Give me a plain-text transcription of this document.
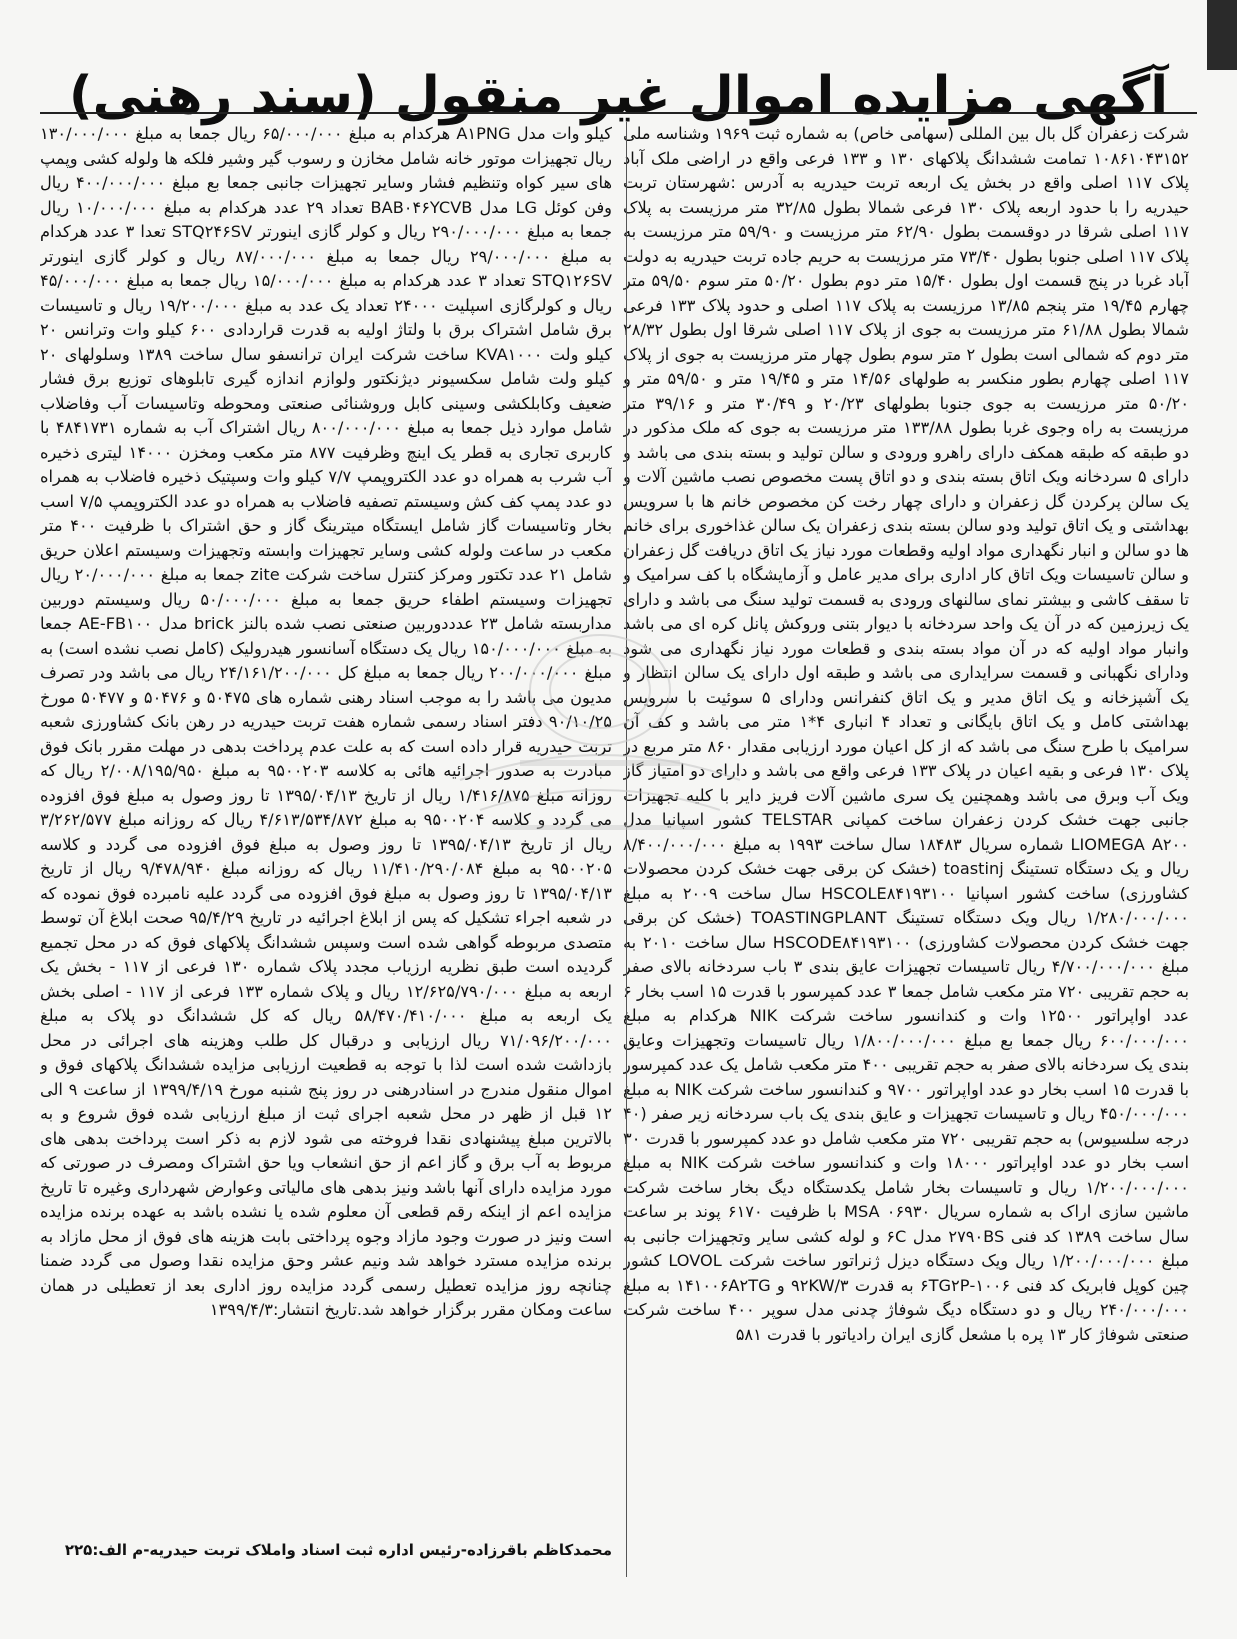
آگهی مزایده اموال غیر منقول (سند رهنی)

شرکت زعفران گل بال بین المللی (سهامی خاص) به شماره ثبت ۱۹۶۹ وشناسه ملی ۱۰۸۶۱۰۴۳۱۵۲ تمامت ششدانگ پلاکهای ۱۳۰ و ۱۳۳ فرعی واقع در اراضی ملک آباد پلاک ۱۱۷ اصلی واقع در بخش یک اربعه تربت حیدریه به آدرس :شهرستان تربت حیدریه را با حدود اربعه پلاک ۱۳۰ فرعی شمالا بطول ۳۲/۸۵ متر مرزیست به پلاک ۱۱۷ اصلی شرقا در دوقسمت بطول ۶۲/۹۰ متر مرزیست و ۵۹/۹۰ متر مرزیست به پلاک ۱۱۷ اصلی جنوبا بطول ۷۳/۴۰ متر مرزیست به حریم جاده تربت حیدریه به دولت آباد غربا در پنج قسمت اول بطول ۱۵/۴۰ متر دوم بطول ۵۰/۲۰ متر سوم ۵۹/۵۰ متر چهارم ۱۹/۴۵ متر پنجم ۱۳/۸۵ مرزیست به پلاک ۱۱۷ اصلی و حدود پلاک ۱۳۳ فرعی شمالا بطول ۶۱/۸۸ متر مرزیست به جوی از پلاک ۱۱۷ اصلی شرقا اول بطول ۲۸/۳۲ متر دوم که شمالی است بطول ۲ متر سوم بطول چهار متر مرزیست به جوی از پلاک ۱۱۷ اصلی چهارم بطور منکسر به طولهای ۱۴/۵۶ متر و ۱۹/۴۵ متر و ۵۹/۵۰ متر و ۵۰/۲۰ متر مرزیست به جوی جنوبا بطولهای ۲۰/۲۳ و ۳۰/۴۹ متر و ۳۹/۱۶ متر مرزیست به راه وجوی غربا بطول ۱۳۳/۸۸ متر مرزیست به جوی که ملک مذکور در دو طبقه که طبقه همکف دارای راهرو ورودی و سالن تولید و بسته بندی می باشد و دارای ۵ سردخانه ویک اتاق بسته بندی و دو اتاق پست مخصوص نصب ماشین آلات و یک سالن پرکردن گل زعفران و دارای چهار رخت کن مخصوص خانم ها با سرویس بهداشتی و یک اتاق تولید ودو سالن بسته بندی زعفران یک سالن غذاخوری برای خانم ها دو سالن و انبار نگهداری مواد اولیه وقطعات مورد نیاز یک اتاق دریافت گل زعفران و سالن تاسیسات ویک اتاق کار اداری برای مدیر عامل و آزمایشگاه با کف سرامیک و تا سقف کاشی و بیشتر نمای سالنهای ورودی به قسمت تولید سنگ می باشد و دارای یک زیرزمین که در آن یک واحد سردخانه با دیوار بتنی وروکش پانل کره ای می باشد وانبار مواد اولیه که در آن مواد بسته بندی و قطعات مورد نیاز نگهداری می شود ودارای نگهبانی و قسمت سرایداری می باشد و طبقه اول دارای یک سالن انتظار و یک آشپزخانه و یک اتاق مدیر و یک اتاق کنفرانس ودارای ۵ سوئیت با سرویس بهداشتی کامل و یک اتاق بایگانی و تعداد ۴ انباری ۴*۱ متر می باشد و کف آن سرامیک با طرح سنگ می باشد که از کل اعیان مورد ارزیابی مقدار ۸۶۰ متر مربع در پلاک ۱۳۰ فرعی و بقیه اعیان در پلاک ۱۳۳ فرعی واقع می باشد و دارای دو امتیاز گاز ویک آب وبرق می باشد وهمچنین یک سری ماشین آلات فریز دایر با کلیه تجهیزات جانبی جهت خشک کردن زعفران ساخت کمپانی TELSTAR کشور اسپانیا مدل LIOMEGA A۲۰۰ شماره سریال ۱۸۴۸۳ سال ساخت ۱۹۹۳ به مبلغ ۸/۴۰۰/۰۰۰/۰۰۰ ریال و یک دستگاه تستینگ toastinj (خشک کن برقی جهت خشک کردن محصولات کشاورزی) ساخت کشور اسپانیا HSCOLE۸۴۱۹۳۱۰۰ سال ساخت ۲۰۰۹ به مبلغ ۱/۲۸۰/۰۰۰/۰۰۰ ریال ویک دستگاه تستینگ TOASTINGPLANT (خشک کن برقی جهت خشک کردن محصولات کشاورزی) HSCODE۸۴۱۹۳۱۰۰ سال ساخت ۲۰۱۰ به مبلغ ۴/۷۰۰/۰۰۰/۰۰۰ ریال تاسیسات تجهیزات عایق بندی ۳ باب سردخانه بالای صفر به حجم تقریبی ۷۲۰ متر مکعب شامل جمعا ۳ عدد کمپرسور با قدرت ۱۵ اسب بخار ۶ عدد اواپراتور ۱۲۵۰۰ وات و کندانسور ساخت شرکت NIK هرکدام به مبلغ ۶۰۰/۰۰۰/۰۰۰ ریال جمعا بع مبلغ ۱/۸۰۰/۰۰۰/۰۰۰ ریال تاسیسات وتجهیزات وعایق بندی یک سردخانه بالای صفر به حجم تقریبی ۴۰۰ متر مکعب شامل یک عدد کمپرسور با قدرت ۱۵ اسب بخار دو عدد اواپراتور ۹۷۰۰ و کندانسور ساخت شرکت NIK به مبلغ ۴۵۰/۰۰۰/۰۰۰ ریال و تاسیسات تجهیزات و عایق بندی یک باب سردخانه زیر صفر (۴۰ درجه سلسیوس) به حجم تقریبی ۷۲۰ متر مکعب شامل دو عدد کمپرسور با قدرت ۳۰ اسب بخار دو عدد اواپراتور ۱۸۰۰۰ وات و کندانسور ساخت شرکت NIK به مبلغ ۱/۲۰۰/۰۰۰/۰۰۰ ریال و تاسیسات بخار شامل یکدستگاه دیگ بخار ساخت شرکت ماشین سازی اراک به شماره سریال MSA ۰۶۹۳۰ با ظرفیت ۶۱۷۰ پوند بر ساعت سال ساخت ۱۳۸۹ کد فنی ۲۷۹۰BS مدل ۶C و لوله کشی سایر وتجهیزات جانبی به مبلغ ۱/۲۰۰/۰۰۰/۰۰۰ ریال ویک دستگاه دیزل ژنراتور ساخت شرکت LOVOL کشور چین کوپل فابریک کد فنی ۱۰۰۶-۶TG۲P به قدرت ۹۲KW/۳ و ۱۴۱۰۰۶A۲TG به مبلغ ۲۴۰/۰۰۰/۰۰۰ ریال و دو دستگاه دیگ شوفاژ چدنی مدل سوپر ۴۰۰ ساخت شرکت صنعتی شوفاژ کار ۱۳ پره با مشعل گازی ایران رادیاتور با قدرت ۵۸۱

کیلو وات مدل A۱PNG هرکدام به مبلغ ۶۵/۰۰۰/۰۰۰ ریال جمعا به مبلغ ۱۳۰/۰۰۰/۰۰۰ ریال تجهیزات موتور خانه شامل مخازن و رسوب گیر وشیر فلکه ها ولوله کشی وپمپ های سیر کواه وتنظیم فشار وسایر تجهیزات جانبی جمعا بع مبلغ ۴۰۰/۰۰۰/۰۰۰ ریال وفن کوئل LG مدل BAB۰۴۶YCVB تعداد ۲۹ عدد هرکدام به مبلغ ۱۰/۰۰۰/۰۰۰ ریال جمعا به مبلغ ۲۹۰/۰۰۰/۰۰۰ ریال و کولر گازی اینورتر STQ۲۴۶SV تعدا ۳ عدد هرکدام به مبلغ ۲۹/۰۰۰/۰۰۰ ریال جمعا به مبلغ ۸۷/۰۰۰/۰۰۰ ریال و کولر گازی اینورتر STQ۱۲۶SV تعداد ۳ عدد هرکدام به مبلغ ۱۵/۰۰۰/۰۰۰ ریال جمعا به مبلغ ۴۵/۰۰۰/۰۰۰ ریال و کولرگازی اسپلیت ۲۴۰۰۰ تعداد یک عدد به مبلغ ۱۹/۲۰۰/۰۰۰ ریال و تاسیسات برق شامل اشتراک برق با ولتاژ اولیه به قدرت قراردادی ۶۰۰ کیلو وات وترانس ۲۰ کیلو ولت KVA۱۰۰۰ ساخت شرکت ایران ترانسفو سال ساخت ۱۳۸۹ وسلولهای ۲۰ کیلو ولت شامل سکسیونر دیژنکتور ولوازم اندازه گیری تابلوهای توزیع برق فشار ضعیف وکابلکشی وسینی کابل وروشنائی صنعتی ومحوطه وتاسیسات آب وفاضلاب شامل موارد ذیل جمعا به مبلغ ۸۰۰/۰۰۰/۰۰۰ ریال اشتراک آب به شماره ۴۸۴۱۷۳۱ با کاربری تجاری به قطر یک اینچ وظرفیت ۸۷۷ متر مکعب ومخزن ۱۴۰۰۰ لیتری ذخیره آب شرب به همراه دو عدد الکتروپمپ ۷/۷ کیلو وات وسپتیک ذخیره فاضلاب به همراه دو عدد پمپ کف کش وسیستم تصفیه فاضلاب به همراه دو عدد الکتروپمپ ۷/۵ اسب بخار وتاسیسات گاز شامل ایستگاه میترینگ گاز و حق اشتراک با ظرفیت ۴۰۰ متر مکعب در ساعت ولوله کشی وسایر تجهیزات وابسته وتجهیزات وسیستم اعلان حریق شامل ۲۱ عدد تکتور ومرکز کنترل ساخت شرکت zite جمعا به مبلغ ۲۰/۰۰۰/۰۰۰ ریال تجهیزات وسیستم اطفاء حریق جمعا به مبلغ ۵۰/۰۰۰/۰۰۰ ریال وسیستم دوربین مداربسته شامل ۲۳ عدددوربین صنعتی نصب شده بالنز brick مدل AE-FB۱۰۰ جمعا به مبلغ ۱۵۰/۰۰۰/۰۰۰ ریال یک دستگاه آسانسور هیدرولیک (کامل نصب نشده است) به مبلغ ۲۰۰/۰۰۰/۰۰۰ ریال جمعا به مبلغ کل ۲۴/۱۶۱/۲۰۰/۰۰۰ ریال می باشد ودر تصرف مدیون می باشد را به موجب اسناد رهنی شماره های ۵۰۴۷۵ و ۵۰۴۷۶ و ۵۰۴۷۷ مورخ ۹۰/۱۰/۲۵ دفتر اسناد رسمی شماره هفت تربت حیدریه در رهن بانک کشاورزی شعبه تربت حیدریه قرار داده است که به علت عدم پرداخت بدهی در مهلت مقرر بانک فوق مبادرت به صدور اجرائیه هائی به کلاسه ۹۵۰۰۲۰۳ به مبلغ ۲/۰۰۸/۱۹۵/۹۵۰ ریال که روزانه مبلغ ۱/۴۱۶/۸۷۵ ریال از تاریخ ۱۳۹۵/۰۴/۱۳ تا روز وصول به مبلغ فوق افزوده می گردد و کلاسه ۹۵۰۰۲۰۴ به مبلغ ۴/۶۱۳/۵۳۴/۸۷۲ ریال که روزانه مبلغ ۳/۲۶۲/۵۷۷ ریال از تاریخ ۱۳۹۵/۰۴/۱۳ تا روز وصول به مبلغ فوق افزوده می گردد و کلاسه ۹۵۰۰۲۰۵ به مبلغ ۱۱/۴۱۰/۲۹۰/۰۸۴ ریال که روزانه مبلغ ۹/۴۷۸/۹۴۰ ریال از تاریخ ۱۳۹۵/۰۴/۱۳ تا روز وصول به مبلغ فوق افزوده می گردد علیه نامبرده فوق نموده که در شعبه اجراء تشکیل که پس از ابلاغ اجرائیه در تاریخ ۹۵/۴/۲۹ صحت ابلاغ آن توسط متصدی مربوطه گواهی شده است وسپس ششدانگ پلاکهای فوق که در محل تجمیع گردیده است طبق نظریه ارزیاب مجدد پلاک شماره ۱۳۰ فرعی از ۱۱۷ - بخش یک اربعه به مبلغ ۱۲/۶۲۵/۷۹۰/۰۰۰ ریال و پلاک شماره ۱۳۳ فرعی از ۱۱۷ - اصلی بخش یک اربعه به مبلغ ۵۸/۴۷۰/۴۱۰/۰۰۰ ریال که کل ششدانگ دو پلاک به مبلغ ۷۱/۰۹۶/۲۰۰/۰۰۰ ریال ارزیابی و درقبال کل طلب وهزینه های اجرائی در محل بازداشت شده است لذا با توجه به قطعیت ارزیابی مزایده ششدانگ پلاکهای فوق و اموال منقول مندرج در اسنادرهنی در روز پنج شنبه مورخ ۱۳۹۹/۴/۱۹ از ساعت ۹ الی ۱۲ قبل از ظهر در محل شعبه اجرای ثبت از مبلغ ارزیابی شده فوق شروع و به بالاترین مبلغ پیشنهادی نقدا فروخته می شود لازم به ذکر است پرداخت بدهی های مربوط به آب برق و گاز اعم از حق انشعاب ویا حق اشتراک ومصرف در صورتی که مورد مزایده دارای آنها باشد ونیز بدهی های مالیاتی وعوارض شهرداری وغیره تا تاریخ مزایده اعم از اینکه رقم قطعی آن معلوم شده یا نشده باشد به عهده برنده مزایده است ونیز در صورت وجود مازاد وجوه پرداختی بابت هزینه های فوق از محل مازاد به برنده مزایده مسترد خواهد شد ونیم عشر وحق مزایده نقدا وصول می گردد ضمنا چنانچه روز مزایده تعطیل رسمی گردد مزایده روز اداری بعد از تعطیلی در همان ساعت ومکان مقرر برگزار خواهد شد.تاریخ انتشار:۱۳۹۹/۴/۳

محمدکاظم باقرزاده-رئیس اداره ثبت اسناد واملاک تربت حیدریه-م الف:۲۲۵
